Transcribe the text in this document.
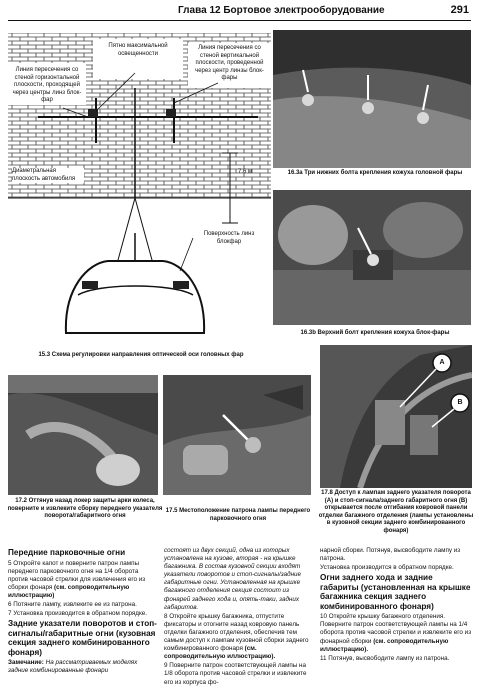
Глава 12 Бортовое электрооборудование	291
Пятно максимальной освещенности
Линия пересечения со стеной вертикальной плоскости, проведенной через центр линзы блок-фары
Линия пересечения со стеной горизонтальной плоскости, проходящей через центры линз блок-фар
Диаметральная плоскость автомобиля
7.6 м
Поверхность линз блокфар
15.3 Схема регулировки направления оптической оси головных фар
16.3a Три нижних болта крепления кожуха головной фары
16.3b Верхний болт крепления кожуха блок-фары
17.2 Оттянув назад локер защиты арки колеса, поверните и извлеките сборку переднего указателя поворота/габаритного огня
17.5 Местоположение патрона лампы переднего парковочного огня
A
B
17.8 Доступ к лампам заднего указателя поворота (А) и стоп-сигнала/заднего габаритного огня (В) открывается после отгибания ковровой панели отделки багажного отделения (лампы установлены в кузовной секции заднего комбинированного фонаря)
Передние парковочные огни

5 Откройте капот и поверните патрон лампы переднего парковочного огня на 1/4 оборота против часовой стрелки для извлечения его из сборки фонаря (см. сопроводительную иллюстрацию)

6 Потяните лампу, извлеките ее из патрона.

7 Установка производится в обратном порядке.

Задние указатели поворотов и стоп-сигналы/габаритные огни (кузовная секция заднего комбинированного фонаря)

Замечание: На рассматриваемых моделях задние комбинированные фонари

состоят из двух секций, одна из которых установлена на кузове, вторая - на крышке багажника. В состав кузовной секции входят указатели поворотов и стоп-сигналы/задние габаритные огни. Установленная на крышке багажного отделения секция состоит из фонарей заднего хода и, опять-таки, задних габаритов.

8 Откройте крышку багажника, отпустите фиксаторы и отогните назад ковровую панель отделки багажного отделения, обеспечив тем самым доступ к лампам кузовной сборки заднего комбинированного фонаря (см. сопроводительную иллюстрацию).

9 Поверните патрон соответствующей лампы на 1/8 оборота против часовой стрелки и извлеките его из корпуса фо-

нарной сборки. Потянув, высвободите лампу из патрона.

Установка производится в обратном порядке.

Огни заднего хода и задние габариты (установленная на крышке багажника секция заднего комбинированного фонаря)

10 Откройте крышку багажного отделения. Поверните патрон соответствующей лампы на 1/4 оборота против часовой стрелки и извлеките его из фонарной сборки (см. сопроводительную иллюстрацию).

11 Потянув, высвободите лампу из патрона.
